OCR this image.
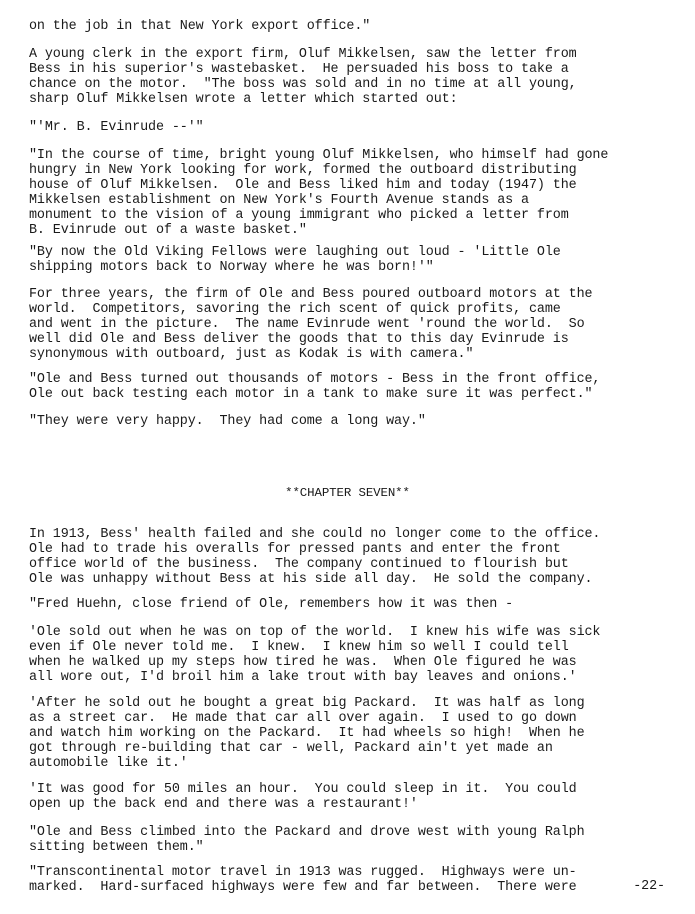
on the job in that New York export office."
A young clerk in the export firm, Oluf Mikkelsen, saw the letter from
Bess in his superior's wastebasket.  He persuaded his boss to take a
chance on the motor.  "The boss was sold and in no time at all young,
sharp Oluf Mikkelsen wrote a letter which started out:
"'Mr. B. Evinrude --'"
"In the course of time, bright young Oluf Mikkelsen, who himself had gone
hungry in New York looking for work, formed the outboard distributing
house of Oluf Mikkelsen.  Ole and Bess liked him and today (1947) the
Mikkelsen establishment on New York's Fourth Avenue stands as a
monument to the vision of a young immigrant who picked a letter from
B. Evinrude out of a waste basket."
"By now the Old Viking Fellows were laughing out loud - 'Little Ole
shipping motors back to Norway where he was born!'"
For three years, the firm of Ole and Bess poured outboard motors at the
world.  Competitors, savoring the rich scent of quick profits, came
and went in the picture.  The name Evinrude went 'round the world.  So
well did Ole and Bess deliver the goods that to this day Evinrude is
synonymous with outboard, just as Kodak is with camera."
"Ole and Bess turned out thousands of motors - Bess in the front office,
Ole out back testing each motor in a tank to make sure it was perfect."
"They were very happy.  They had come a long way."
**CHAPTER SEVEN**
In 1913, Bess' health failed and she could no longer come to the office.
Ole had to trade his overalls for pressed pants and enter the front
office world of the business.  The company continued to flourish but
Ole was unhappy without Bess at his side all day.  He sold the company.
"Fred Huehn, close friend of Ole, remembers how it was then -
'Ole sold out when he was on top of the world.  I knew his wife was sick
even if Ole never told me.  I knew.  I knew him so well I could tell
when he walked up my steps how tired he was.  When Ole figured he was
all wore out, I'd broil him a lake trout with bay leaves and onions.'
'After he sold out he bought a great big Packard.  It was half as long
as a street car.  He made that car all over again.  I used to go down
and watch him working on the Packard.  It had wheels so high!  When he
got through re-building that car - well, Packard ain't yet made an
automobile like it.'
'It was good for 50 miles an hour.  You could sleep in it.  You could
open up the back end and there was a restaurant!'
"Ole and Bess climbed into the Packard and drove west with young Ralph
sitting between them."
"Transcontinental motor travel in 1913 was rugged.  Highways were un-
marked.  Hard-surfaced highways were few and far between.  There were	-22-
